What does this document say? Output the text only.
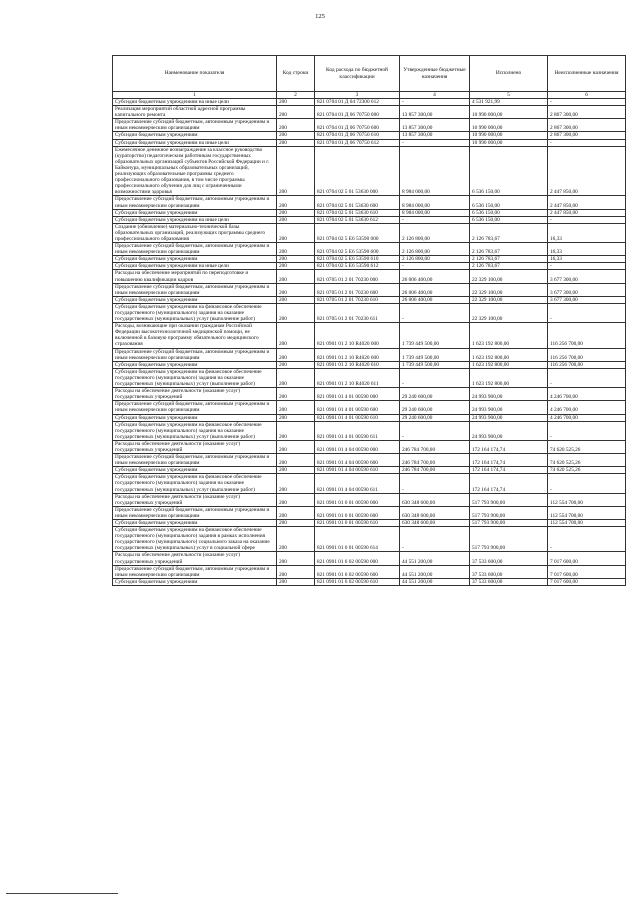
125
Наименование показателя	Код строки	Код расхода по бюджетной классификации	Утвержденные бюджетные назначения	Исполнено	Неисполненные назначения
1	2	3	4	5	6
Субсидии бюджетным учреждениям на иные цели	200	821 0704 01 Д 04 72300 612	-	4 531 921,99	-
Реализация мероприятий областной адресной программы капитального ремонта	200	821 0704 01 Д 06 70750 000	13 857 300,00	10 990 000,00	2 867 300,00
Предоставление субсидий бюджетным, автономным учреждениям и иным некоммерческим организациям	200	821 0704 01 Д 06 70750 600	13 857 300,00	10 990 000,00	2 867 300,00
Субсидии бюджетным учреждениям	200	821 0704 01 Д 06 70750 610	13 857 300,00	10 990 000,00	2 867 300,00
Субсидии бюджетным учреждениям на иные цели	200	821 0704 01 Д 06 70750 612	-	10 990 000,00	-
Ежемесячное денежное вознаграждение за классное руководство (кураторство) педагогическим работникам государственных образовательных организаций субъектов Российской Федерации и г. Байконура, муниципальных образовательных организаций, реализующих образовательные программы среднего профессионального образования, в том числе программы профессионального обучения для лиц с ограниченными возможностями здоровья	200	821 0704 02 5 01 53630 000	8 984 000,00	6 536 150,00	2 447 850,00
Предоставление субсидий бюджетным, автономным учреждениям и иным некоммерческим организациям	200	821 0704 02 5 01 53630 600	8 984 000,00	6 536 150,00	2 447 850,00
Субсидии бюджетным учреждениям	200	821 0704 02 5 01 53630 610	8 984 000,00	6 536 150,00	2 447 850,00
Субсидии бюджетным учреждениям на иные цели	200	821 0704 02 5 01 53630 612	-	6 536 150,00	-
Создание (обновление) материально-технической базы образовательных организаций, реализующих программы среднего профессионального образования	200	821 0704 02 5 Е6 53590 000	2 126 800,00	2 126 783,67	16,33
Предоставление субсидий бюджетным, автономным учреждениям и иным некоммерческим организациям	200	821 0704 02 5 Е6 53590 600	2 126 800,00	2 126 783,67	16,33
Субсидии бюджетным учреждениям	200	821 0704 02 5 Е6 53590 610	2 126 800,00	2 126 783,67	16,33
Субсидии бюджетным учреждениям на иные цели	200	821 0704 02 5 Е6 53590 612	-	2 126 783,67	-
Расходы на обеспечение мероприятий по переподготовке и повышению квалификации кадров	200	821 0705 01 2 01 70230 000	26 006 400,00	22 329 100,00	3 677 300,00
Предоставление субсидий бюджетным, автономным учреждениям и иным некоммерческим организациям	200	821 0705 01 2 01 70230 600	26 006 400,00	22 329 100,00	3 677 300,00
Субсидии бюджетным учреждениям	200	821 0705 01 2 01 70230 610	26 006 400,00	22 329 100,00	3 677 300,00
Субсидии бюджетным учреждениям на финансовое обеспечение государственного (муниципального) задания на оказание государственных (муниципальных) услуг (выполнение работ)	200	821 0705 01 2 01 70230 611	-	22 329 100,00	-
Расходы, возникающие при оказании гражданам Российской Федерации высокотехнологичной медицинской помощи, не включенной в базовую программу обязательного медицинского страхования	200	821 0901 01 2 10 R4020 000	1 739 449 500,00	1 623 192 800,00	116 256 700,00
Предоставление субсидий бюджетным, автономным учреждениям и иным некоммерческим организациям	200	821 0901 01 2 10 R4020 600	1 739 449 500,00	1 623 192 800,00	116 256 700,00
Субсидии бюджетным учреждениям	200	821 0901 01 2 10 R4020 610	1 739 449 500,00	1 623 192 800,00	116 256 700,00
Субсидии бюджетным учреждениям на финансовое обеспечение государственного (муниципального) задания на оказание государственных (муниципальных) услуг (выполнение работ)	200	821 0901 01 2 10 R4020 611	-	1 623 192 800,00	-
Расходы на обеспечение деятельности (оказание услуг) государственных учреждений	200	821 0901 01 4 01 00590 000	29 240 600,00	24 993 900,00	4 246 700,00
Предоставление субсидий бюджетным, автономным учреждениям и иным некоммерческим организациям	200	821 0901 01 4 01 00590 600	29 240 600,00	24 993 900,00	4 246 700,00
Субсидии бюджетным учреждениям	200	821 0901 01 4 01 00590 610	29 240 600,00	24 993 900,00	4 246 700,00
Субсидии бюджетным учреждениям на финансовое обеспечение государственного (муниципального) задания на оказание государственных (муниципальных) услуг (выполнение работ)	200	821 0901 01 4 01 00590 611	-	24 993 900,00	-
Расходы на обеспечение деятельности (оказание услуг) государственных учреждений	200	821 0901 01 4 04 00590 000	246 784 700,00	172 164 174,74	74 620 525,26
Предоставление субсидий бюджетным, автономным учреждениям и иным некоммерческим организациям	200	821 0901 01 4 04 00590 600	246 784 700,00	172 164 174,74	74 620 525,26
Субсидии бюджетным учреждениям	200	821 0901 01 4 04 00590 610	246 784 700,00	172 164 174,74	74 620 525,26
Субсидии бюджетным учреждениям на финансовое обеспечение государственного (муниципального) задания на оказание государственных (муниципальных) услуг (выполнение работ)	200	821 0901 01 4 04 00590 611	-	172 164 174,74	-
Расходы на обеспечение деятельности (оказание услуг) государственных учреждений	200	821 0901 01 6 01 00590 000	630 348 600,00	517 793 900,00	112 554 700,00
Предоставление субсидий бюджетным, автономным учреждениям и иным некоммерческим организациям	200	821 0901 01 6 01 00590 600	630 348 600,00	517 793 900,00	112 554 700,00
Субсидии бюджетным учреждениям	200	821 0901 01 6 01 00590 610	630 348 600,00	517 793 900,00	112 554 700,00
Субсидии бюджетным учреждениям на финансовое обеспечение государственного (муниципального) задания в рамках исполнения государственного (муниципального) социального заказа на оказание государственных (муниципальных) услуг в социальной сфере	200	821 0901 01 6 01 00590 614	-	517 793 900,00	-
Расходы на обеспечение деятельности (оказание услуг) государственных учреждений	200	821 0901 01 6 02 00590 000	44 551 200,00	37 533 600,00	7 017 600,00
Предоставление субсидий бюджетным, автономным учреждениям и иным некоммерческим организациям	200	821 0901 01 6 02 00590 600	44 551 200,00	37 533 600,00	7 017 600,00
Субсидии бюджетным учреждениям	200	821 0901 01 6 02 00590 610	44 551 200,00	37 533 600,00	7 017 600,00
